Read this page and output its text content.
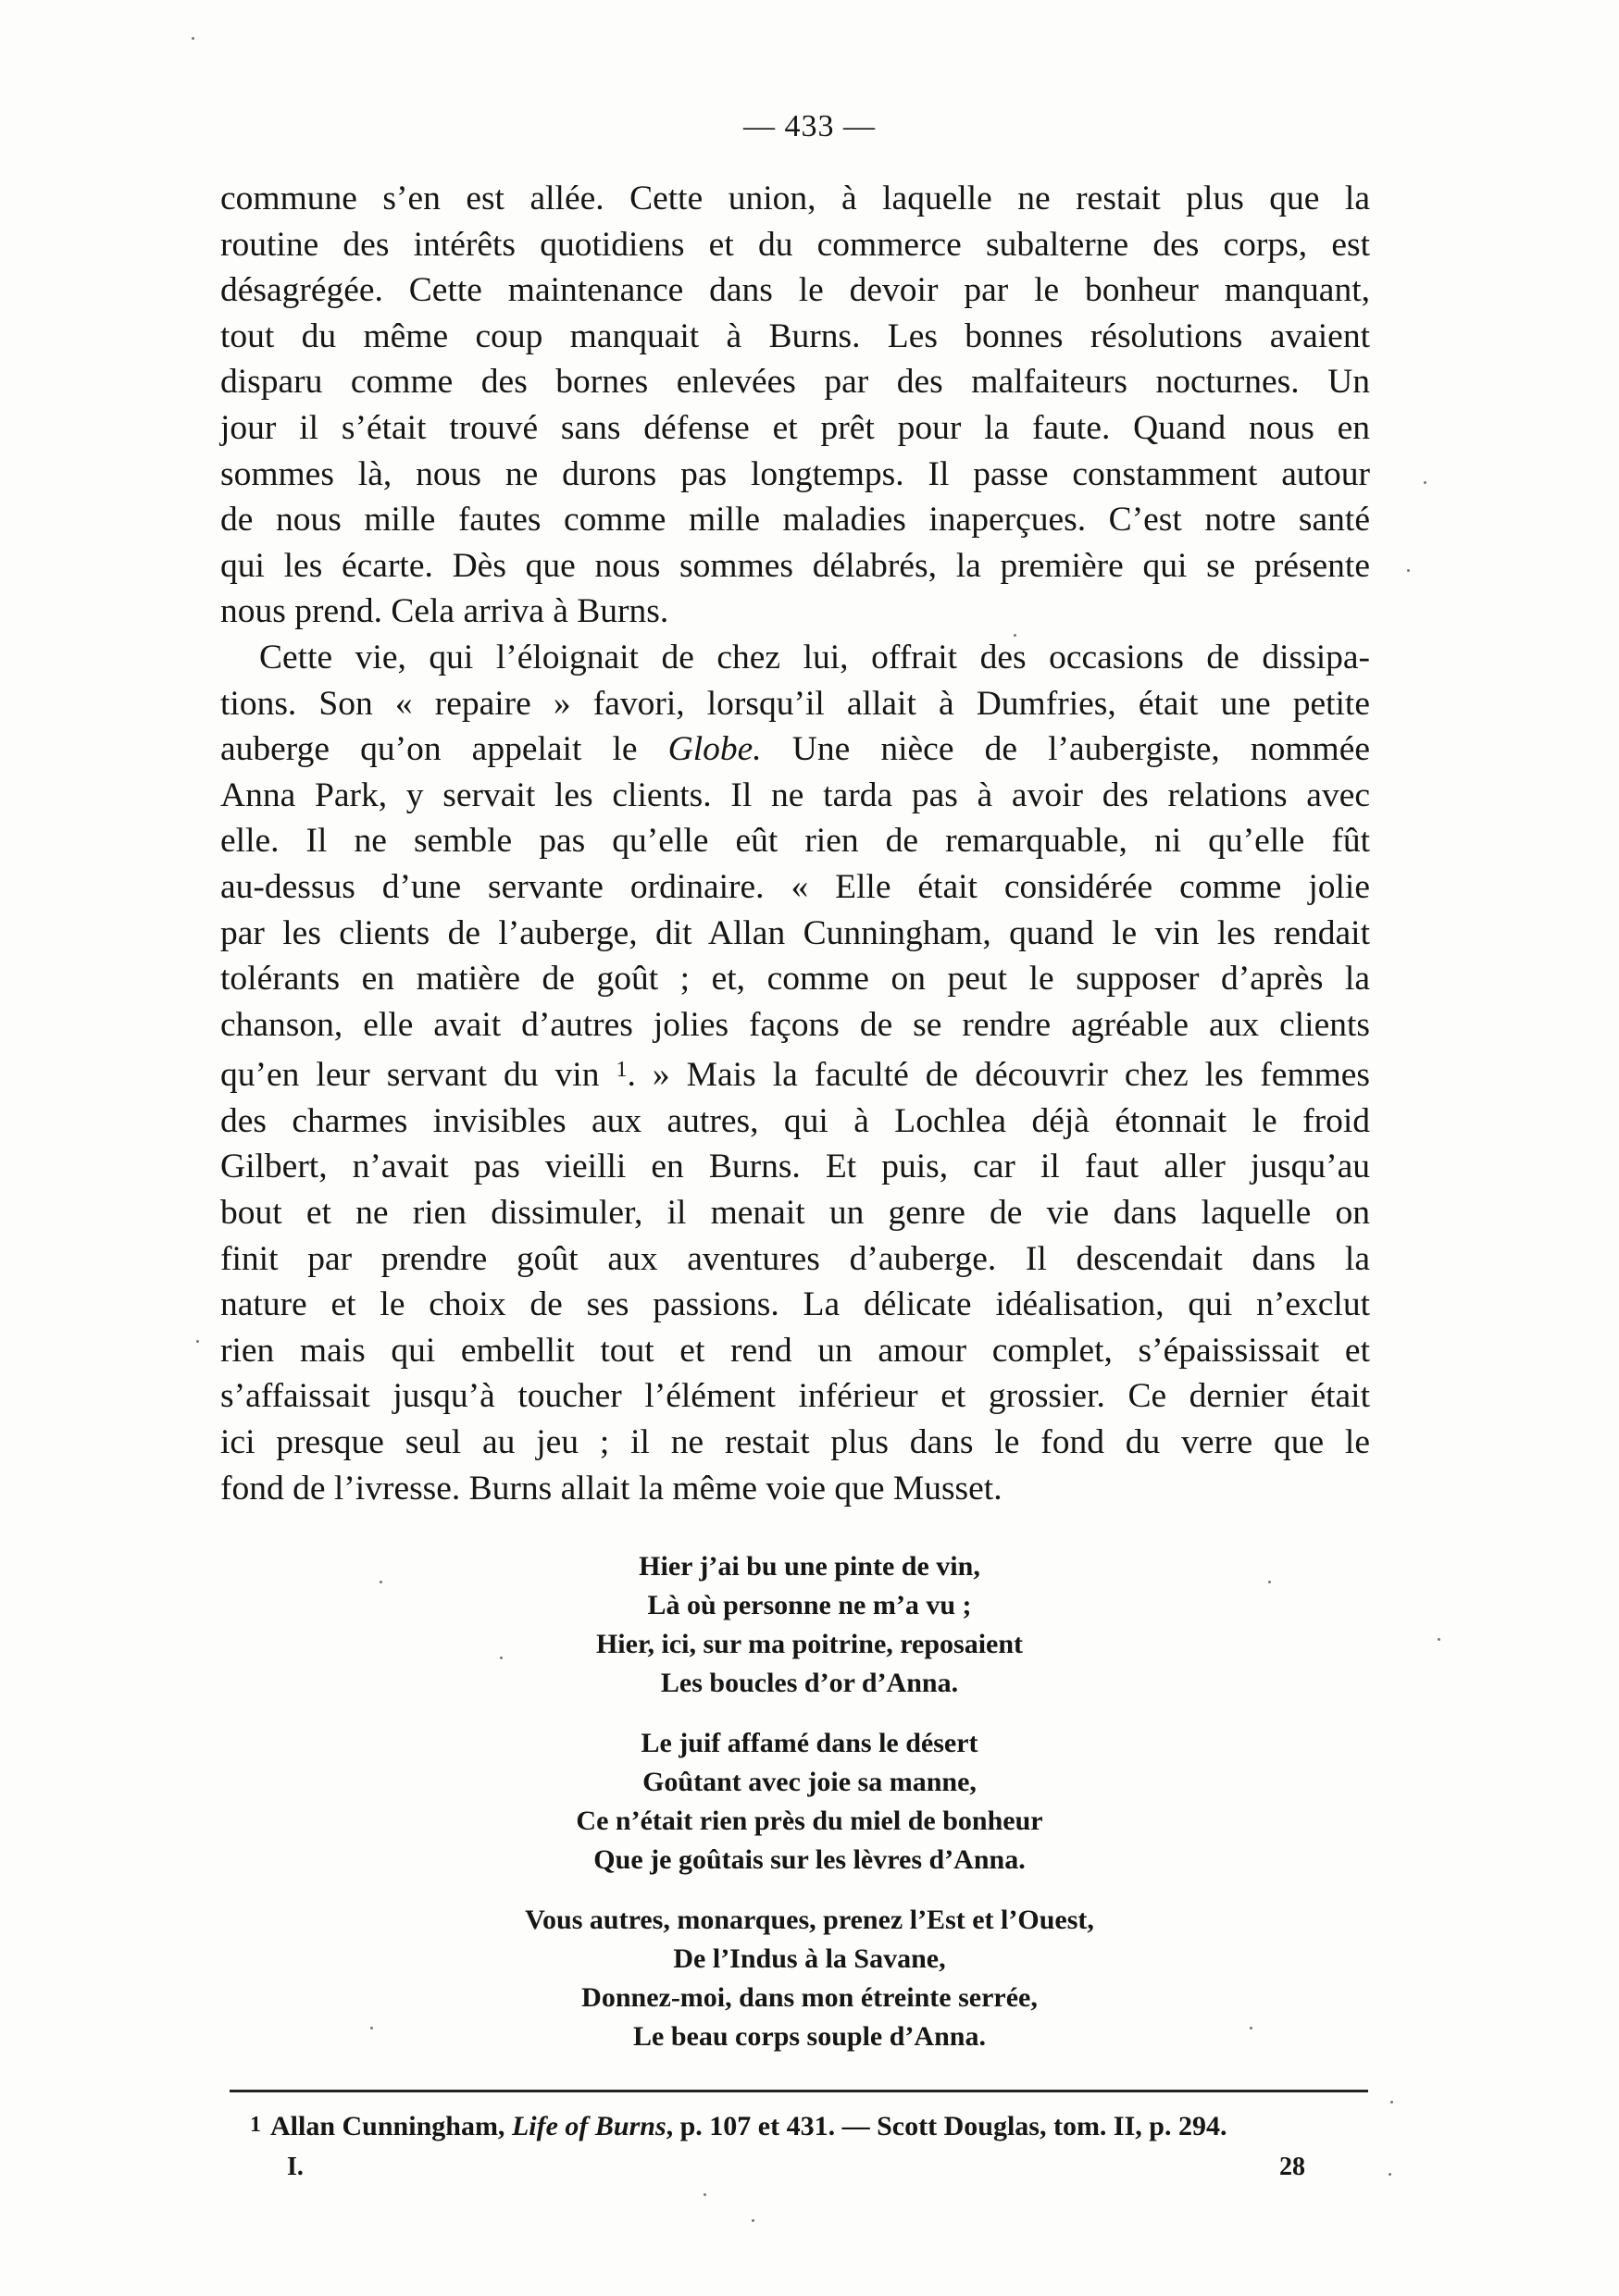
— 433 —
commune s’en est allée. Cette union, à laquelle ne restait plus que la
routine des intérêts quotidiens et du commerce subalterne des corps, est
désagrégée. Cette maintenance dans le devoir par le bonheur manquant,
tout du même coup manquait à Burns. Les bonnes résolutions avaient
disparu comme des bornes enlevées par des malfaiteurs nocturnes. Un
jour il s’était trouvé sans défense et prêt pour la faute. Quand nous en
sommes là, nous ne durons pas longtemps. Il passe constamment autour
de nous mille fautes comme mille maladies inaperçues. C’est notre santé
qui les écarte. Dès que nous sommes délabrés, la première qui se présente
nous prend. Cela arriva à Burns.
Cette vie, qui l’éloignait de chez lui, offrait des occasions de dissipa-
tions. Son « repaire » favori, lorsqu’il allait à Dumfries, était une petite
auberge qu’on appelait le Globe. Une nièce de l’aubergiste, nommée
Anna Park, y servait les clients. Il ne tarda pas à avoir des relations avec
elle. Il ne semble pas qu’elle eût rien de remarquable, ni qu’elle fût
au-dessus d’une servante ordinaire. « Elle était considérée comme jolie
par les clients de l’auberge, dit Allan Cunningham, quand le vin les rendait
tolérants en matière de goût ; et, comme on peut le supposer d’après la
chanson, elle avait d’autres jolies façons de se rendre agréable aux clients
qu’en leur servant du vin $^1$. » Mais la faculté de découvrir chez les femmes
des charmes invisibles aux autres, qui à Lochlea déjà étonnait le froid
Gilbert, n’avait pas vieilli en Burns. Et puis, car il faut aller jusqu’au
bout et ne rien dissimuler, il menait un genre de vie dans laquelle on
finit par prendre goût aux aventures d’auberge. Il descendait dans la
nature et le choix de ses passions. La délicate idéalisation, qui n’exclut
rien mais qui embellit tout et rend un amour complet, s’épaississait et
s’affaissait jusqu’à toucher l’élément inférieur et grossier. Ce dernier était
ici presque seul au jeu ; il ne restait plus dans le fond du verre que le
fond de l’ivresse. Burns allait la même voie que Musset.
Hier j’ai bu une pinte de vin,
Là où personne ne m’a vu ;
Hier, ici, sur ma poitrine, reposaient
Les boucles d’or d’Anna.
Le juif affamé dans le désert
Goûtant avec joie sa manne,
Ce n’était rien près du miel de bonheur
Que je goûtais sur les lèvres d’Anna.
Vous autres, monarques, prenez l’Est et l’Ouest,
De l’Indus à la Savane,
Donnez-moi, dans mon étreinte serrée,
Le beau corps souple d’Anna.
1 Allan Cunningham, Life of Burns, p. 107 et 431. — Scott Douglas, tom. II, p. 294.
I.	28
